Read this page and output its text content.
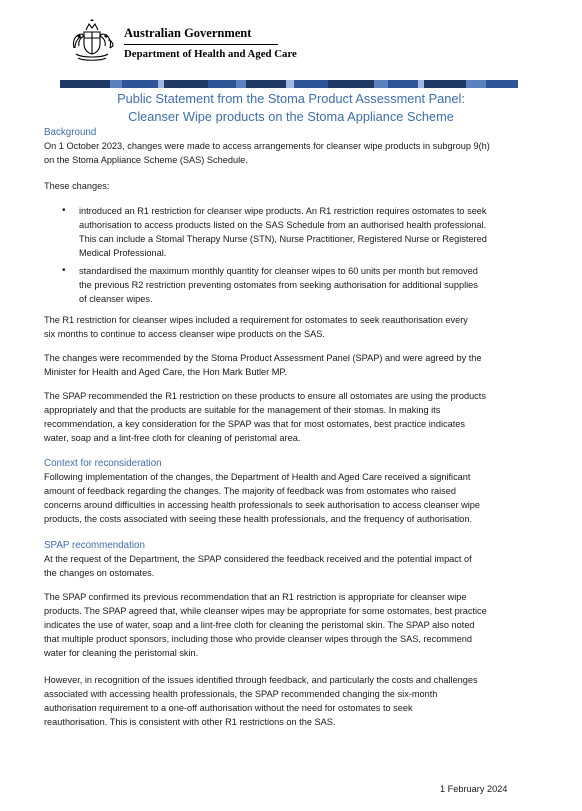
Australian Government
Department of Health and Aged Care
Public Statement from the Stoma Product Assessment Panel:
Cleanser Wipe products on the Stoma Appliance Scheme
Background
On 1 October 2023, changes were made to access arrangements for cleanser wipe products in subgroup 9(h)
on the Stoma Appliance Scheme (SAS) Schedule.
These changes:
• introduced an R1 restriction for cleanser wipe products. An R1 restriction requires ostomates to seek
authorisation to access products listed on the SAS Schedule from an authorised health professional.
This can include a Stomal Therapy Nurse (STN), Nurse Practitioner, Registered Nurse or Registered
Medical Professional.
• standardised the maximum monthly quantity for cleanser wipes to 60 units per month but removed
the previous R2 restriction preventing ostomates from seeking authorisation for additional supplies
of cleanser wipes.
The R1 restriction for cleanser wipes included a requirement for ostomates to seek reauthorisation every
six months to continue to access cleanser wipe products on the SAS.
The changes were recommended by the Stoma Product Assessment Panel (SPAP) and were agreed by the
Minister for Health and Aged Care, the Hon Mark Butler MP.
The SPAP recommended the R1 restriction on these products to ensure all ostomates are using the products
appropriately and that the products are suitable for the management of their stomas. In making its
recommendation, a key consideration for the SPAP was that for most ostomates, best practice indicates
water, soap and a lint-free cloth for cleaning of peristomal area.
Context for reconsideration
Following implementation of the changes, the Department of Health and Aged Care received a significant
amount of feedback regarding the changes. The majority of feedback was from ostomates who raised
concerns around difficulties in accessing health professionals to seek authorisation to access cleanser wipe
products, the costs associated with seeing these health professionals, and the frequency of authorisation.
SPAP recommendation
At the request of the Department, the SPAP considered the feedback received and the potential impact of
the changes on ostomates.
The SPAP confirmed its previous recommendation that an R1 restriction is appropriate for cleanser wipe
products. The SPAP agreed that, while cleanser wipes may be appropriate for some ostomates, best practice
indicates the use of water, soap and a lint-free cloth for cleaning the peristomal skin. The SPAP also noted
that multiple product sponsors, including those who provide cleanser wipes through the SAS, recommend
water for cleaning the peristomal skin.
However, in recognition of the issues identified through feedback, and particularly the costs and challenges
associated with accessing health professionals, the SPAP recommended changing the six-month
authorisation requirement to a one-off authorisation without the need for ostomates to seek
reauthorisation. This is consistent with other R1 restrictions on the SAS.
1 February 2024
